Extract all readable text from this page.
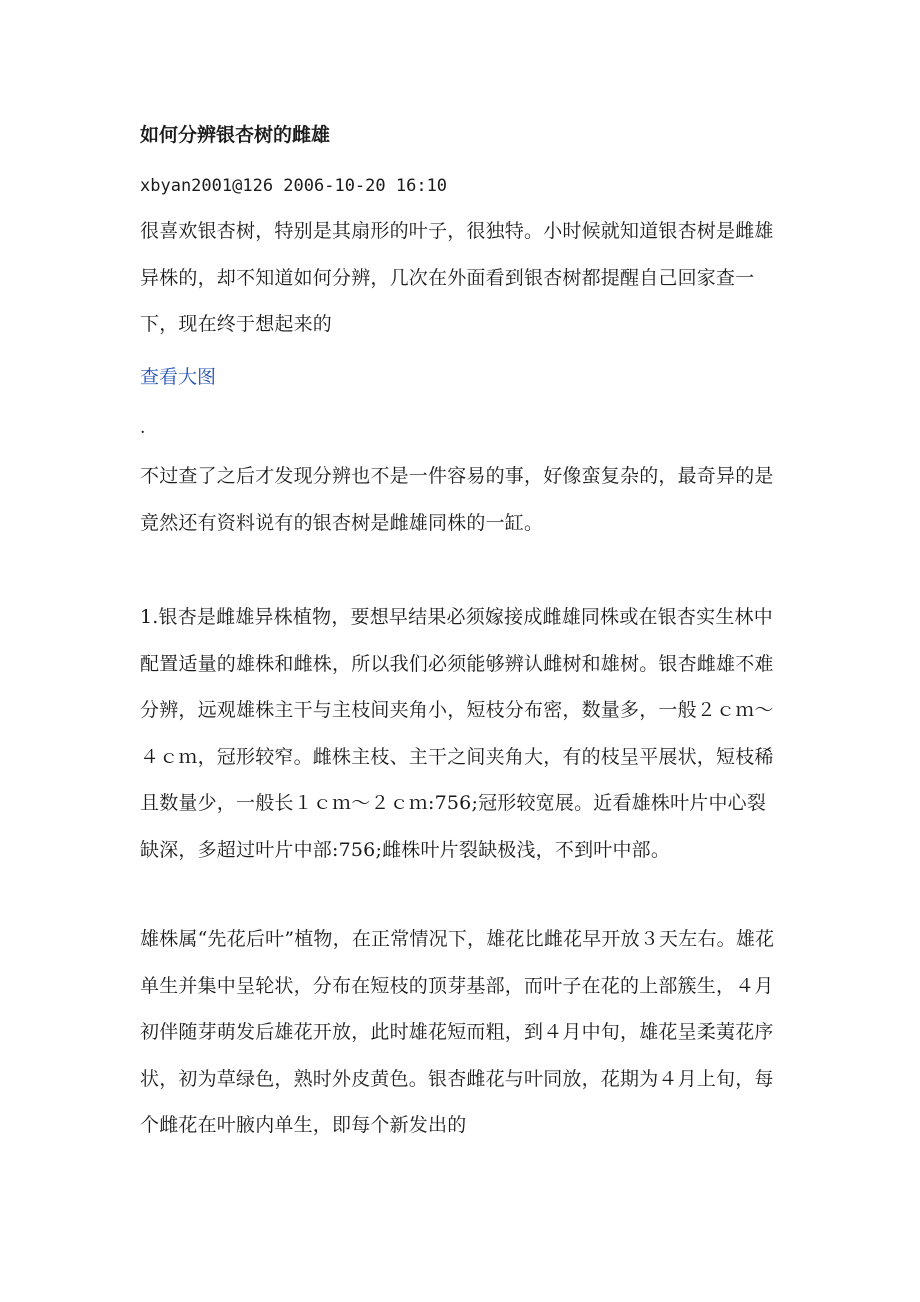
如何分辨银杏树的雌雄
xbyan2001@126 2006-10-20 16:10

很喜欢银杏树，特别是其扇形的叶子，很独特。小时候就知道银杏树是雌雄异株的，却不知道如何分辨，几次在外面看到银杏树都提醒自己回家查一下，现在终于想起来的

查看大图
.

不过查了之后才发现分辨也不是一件容易的事，好像蛮复杂的，最奇异的是竟然还有资料说有的银杏树是雌雄同株的一缸。

1.银杏是雌雄异株植物，要想早结果必须嫁接成雌雄同株或在银杏实生林中配置适量的雄株和雌株，所以我们必须能够辨认雌树和雄树。银杏雌雄不难分辨，远观雄株主干与主枝间夹角小，短枝分布密，数量多，一般２ｃｍ～４ｃｍ，冠形较窄。雌株主枝、主干之间夹角大，有的枝呈平展状，短枝稀且数量少，一般长１ｃｍ～２ｃｍ:756;冠形较宽展。近看雄株叶片中心裂缺深，多超过叶片中部:756;雌株叶片裂缺极浅，不到叶中部。

雄株属“先花后叶”植物，在正常情况下，雄花比雌花早开放３天左右。雄花单生并集中呈轮状，分布在短枝的顶芽基部，而叶子在花的上部簇生，４月初伴随芽萌发后雄花开放，此时雄花短而粗，到４月中旬，雄花呈柔荑花序状，初为草绿色，熟时外皮黄色。银杏雌花与叶同放，花期为４月上旬，每个雌花在叶腋内单生，即每个新发出的
